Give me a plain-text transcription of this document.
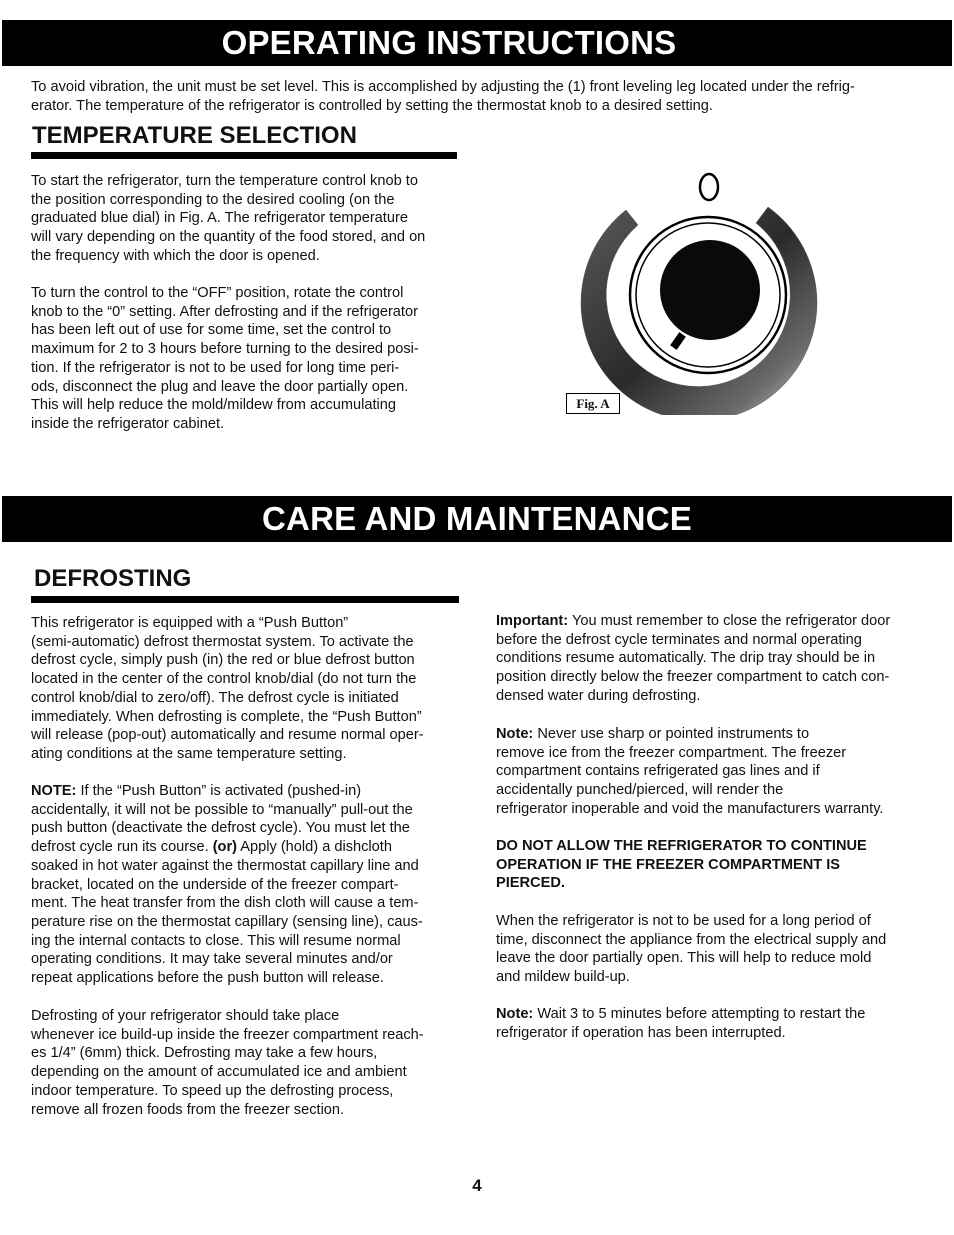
OPERATING INSTRUCTIONS

To avoid vibration, the unit must be set level. This is accomplished by adjusting the (1) front leveling leg located under the refrig-
erator. The temperature of the refrigerator is controlled by setting the thermostat knob to a desired setting.

TEMPERATURE SELECTION

To start the refrigerator, turn the temperature control knob to
the position corresponding to the desired cooling (on the
graduated blue dial) in Fig. A. The refrigerator temperature
will vary depending on the quantity of the food stored, and on
the frequency with which the door is opened.

To turn the control to the “OFF” position, rotate the control
knob to the “0” setting. After defrosting and if the refrigerator
has been left out of use for some time, set the control to
maximum for 2 to 3 hours before turning to the desired posi-
tion. If the refrigerator is not to be used for long time peri-
ods, disconnect the plug and leave the door partially open.
This will help reduce the mold/mildew from accumulating
inside the refrigerator cabinet.

Fig. A
CARE AND MAINTENANCE
DEFROSTING

This refrigerator is equipped with a “Push Button”
(semi-automatic) defrost thermostat system. To activate the
defrost cycle, simply push (in) the red or blue defrost button
located in the center of the control knob/dial (do not turn the
control knob/dial to zero/off). The defrost cycle is initiated
immediately. When defrosting is complete, the “Push Button”
will release (pop-out) automatically and resume normal oper-
ating conditions at the same temperature setting.

NOTE: If the “Push Button” is activated (pushed-in)
accidentally, it will not be possible to “manually” pull-out the
push button (deactivate the defrost cycle). You must let the
defrost cycle run its course. (or) Apply (hold) a dishcloth
soaked in hot water against the thermostat capillary line and
bracket, located on the underside of the freezer compart-
ment. The heat transfer from the dish cloth will cause a tem-
perature rise on the thermostat capillary (sensing line), caus-
ing the internal contacts to close. This will resume normal
operating conditions. It may take several minutes and/or
repeat applications before the push button will release.

Defrosting of your refrigerator should take place
whenever ice build-up inside the freezer compartment reach-
es 1/4” (6mm) thick. Defrosting may take a few hours,
depending on the amount of accumulated ice and ambient
indoor temperature. To speed up the defrosting process,
remove all frozen foods from the freezer section.

Important: You must remember to close the refrigerator door
before the defrost cycle terminates and normal operating
conditions resume automatically. The drip tray should be in
position directly below the freezer compartment to catch con-
densed water during defrosting.

Note: Never use sharp or pointed instruments to
remove ice from the freezer compartment. The freezer
compartment contains refrigerated gas lines and if
accidentally punched/pierced, will render the
refrigerator inoperable and void the manufacturers warranty.

DO NOT ALLOW THE REFRIGERATOR TO CONTINUE
OPERATION IF THE FREEZER COMPARTMENT IS
PIERCED.

When the refrigerator is not to be used for a long period of
time, disconnect the appliance from the electrical supply and
leave the door partially open. This will help to reduce mold
and mildew build-up.

Note: Wait 3 to 5 minutes before attempting to restart the
refrigerator if operation has been interrupted.

4
